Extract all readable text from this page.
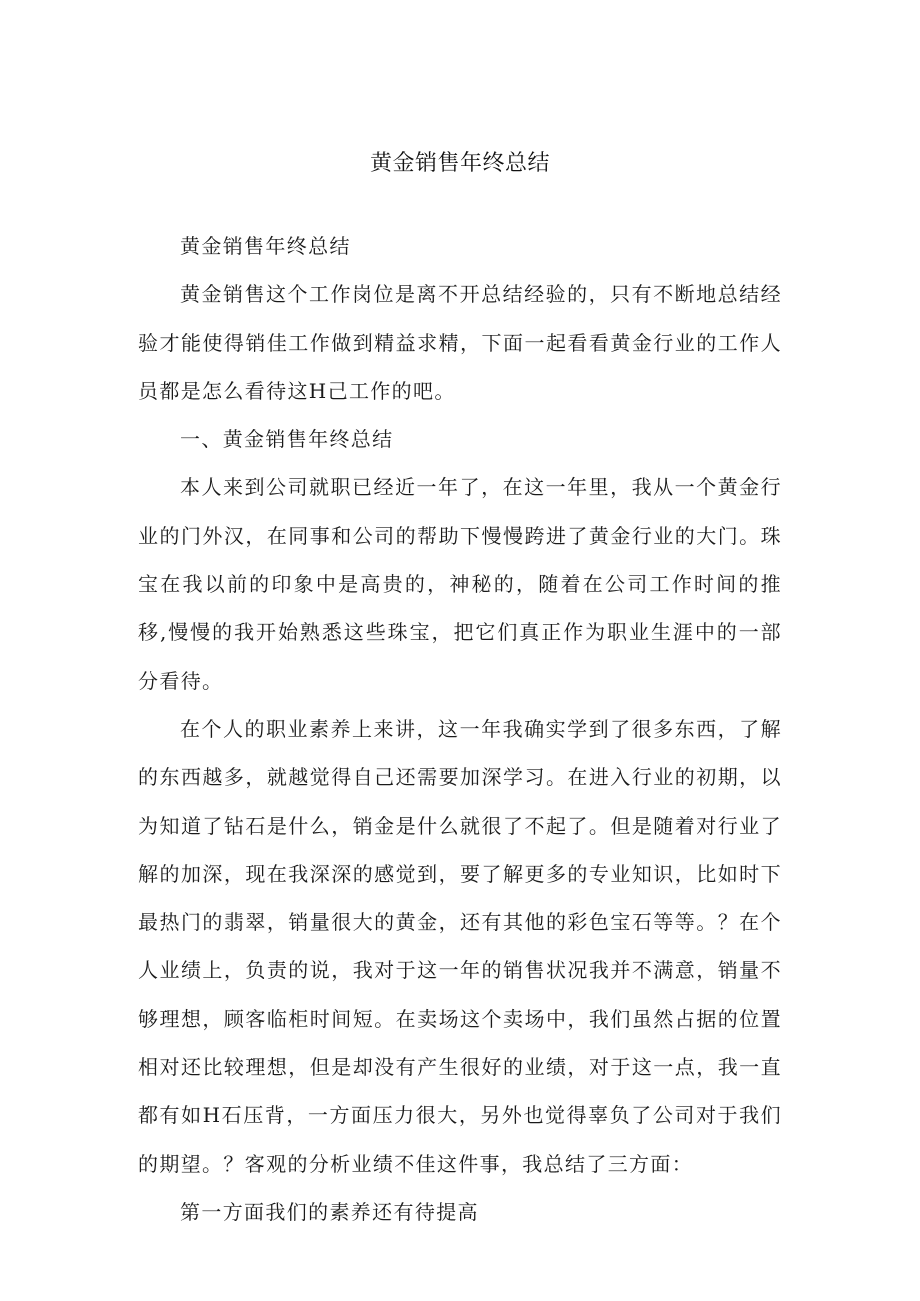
黄金销售年终总结

黄金销售年终总结

黄金销售这个工作岗位是离不开总结经验的，只有不断地总结经验才能使得销佳工作做到精益求精，下面一起看看黄金行业的工作人员都是怎么看待这H己工作的吧。

一、黄金销售年终总结

本人来到公司就职已经近一年了，在这一年里，我从一个黄金行业的门外汉，在同事和公司的帮助下慢慢跨进了黄金行业的大门。珠宝在我以前的印象中是高贵的，神秘的，随着在公司工作时间的推移,慢慢的我开始熟悉这些珠宝，把它们真正作为职业生涯中的一部分看待。

在个人的职业素养上来讲，这一年我确实学到了很多东西，了解的东西越多，就越觉得自己还需要加深学习。在进入行业的初期，以为知道了钻石是什么，销金是什么就很了不起了。但是随着对行业了解的加深，现在我深深的感觉到，要了解更多的专业知识，比如时下最热门的翡翠，销量很大的黄金，还有其他的彩色宝石等等。？在个人业绩上，负责的说，我对于这一年的销售状况我并不满意，销量不够理想，顾客临柜时间短。在卖场这个卖场中，我们虽然占据的位置相对还比较理想，但是却没有产生很好的业绩，对于这一点，我一直都有如H石压背，一方面压力很大，另外也觉得辜负了公司对于我们的期望。？客观的分析业绩不佳这件事，我总结了三方面：

第一方面我们的素养还有待提高
